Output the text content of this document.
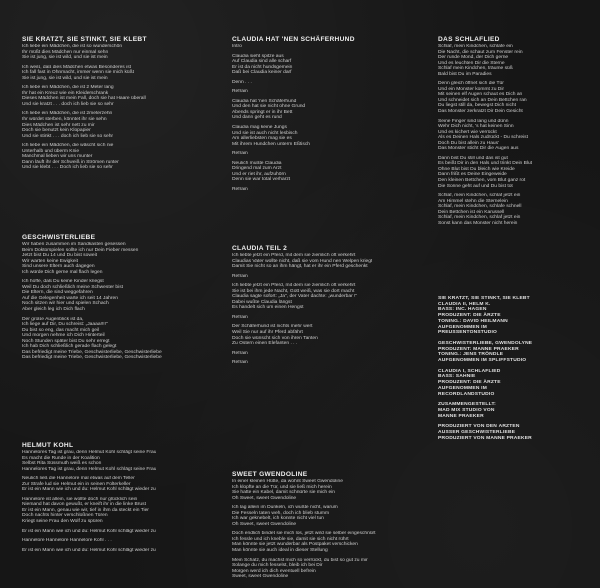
SIE KRATZT, SIE STINKT, SIE KLEBT

Ich liebe ein Mädchen, die ist so wunderschön
Ihr müßt dies Mädchen nur einmal sehn
Sie ist jung, sie ist wild, und sie ist mein

Ich weiß, daß dies Mädchen etwas Besonderes ist
Ich fall fast in Ohnmacht, immer wenn sie mich küßt
Sie ist jung, sie ist wild, und sie ist mein

Ich liebe ein Mädchen, die ist 2 Meter lang
Ihr hat ein Kreuz wie ein Kleiderschrank
Dieses Mädchen ist mein Fall, doch sie hat Haare überall
Und sie kratzt . . . doch ich lieb sie so sehr

Ich liebe ein Mädchen, die ist 2meterzehn
Ihr würdet sterben, könntet ihr sie sehn
Dies Mädchen ist sehr nett zu mir
Doch sie benutzt kein Klopapier
Und sie stinkt . . . doch ich lieb sie so sehr

Ich liebe ein Mädchen, die wäscht sich nie
Unterhalb und überm Knie
Manchmal lieben wir uns munter
Dann läuft ihr der Schweiß in Strömen runter
Und sie klebt . . . Doch ich lieb sie so sehr

GESCHWISTERLIEBE

Wir haben zusammen im Sandkasten gesessen
Beim Doktorspielen sollte ich nur Dein Fieber messen
Jetzt bist Du 14 und Du bist soweit
Wir warten keine Ewigkeit
Sind unsere Eltern auch dagegen
Ich würde Dich gerne mal flach legen

Ich hoffe, daß Du keine Kinder kriegst
Weil Du doch schließlich meine Schwester bist
Die Eltern, die sind weggefahren
Auf die Gelegenheit warte ich seit 14 Jahren
Noch sitzen wir hier und spielen Schach
Aber gleich leg ich Dich flach

Der große Augenblick ist da,
Ich liege auf Dir, Du schreist: „Jaaaa!!!!"
Du bist so eng, das macht mich geil
Und morgen nehme ich Dich Hinterteil
Noch Stunden später bist Du sehr erregt
Ich hab Dich schließlich gerade flach gelegt
Das befriedigt meine Triebe, Geschwisterliebe, Geschwisterliebe
Das befriedigt meine Triebe, Geschwisterliebe, Geschwisterliebe

HELMUT KOHL

Hannelores Tag ist grau, denn Helmut Kohl schlägt seine Frau
Es macht die Runde in der Koalition
Selbst Rita Süssmuth weiß es schon
Hannelores Tag ist grau, denn Helmut Kohl schlägt seine Frau

Neulich ließ die Hannelore mal etwas auf dem Teller
Zur Strafe lud sie Helmut ein in seinen Folterkeller
Er ist ein Mann wie ich und du: Helmut Kohl schlägt wieder zu

Hannelore ist allein, sie wollte doch nur glücklich sein
Niemand hat davon gewußt, er kneift ihr in die linke Brust
Er ist ein Mann, genau wie wir, tief in ihm da steckt ein Tier
Doch nachts hinter verschloßnen Türen
Kriegt seine Frau den Wolf zu spüren

Er ist ein Mann wie ich und du: Helmut Kohl schlägt wieder zu

Hannelore Hannelore Hannelore Kohl . . .

Er ist ein Mann wie ich und du: Helmut Kohl schlägt wieder zu

CLAUDIA HAT 'NEN SCHÄFERHUND

Intro

Claudia sieht spitze aus
Auf Claudia sind alle scharf
Er ist da nicht hundsgemein
Daß bei Claudia keiner darf

Denn . . .

Refrain

Claudia hat 'nen Schäferhund
Und den hat sie nicht ohne Grund
Abends springt er in ihr Bett
Und dann geht es rund

Claudia mag keine Jungs
Und sie ist auch nicht lesbisch
Am allerliebsten mag sie es
Mit ihrem Hundchen unterm Eßtisch

Refrain

Neulich mußte Claudia
Dringend mal zum Arzt
Und er riet ihr, aufzuhörn
Denn sie war total verharzt

Refrain

CLAUDIA TEIL 2

Ich liebte jetzt ein Pferd, mit dem sie ziemlich oft verkehrt
Claudias Vater wollte nicht, daß sie vom Hund nen Welpen kriegt
Damit Sie nicht so an ihm hängt, hat er ihr ein Pferd geschenkt

Refrain

Ich liebte jetzt ein Pferd, mit dem sie ziemlich oft verkehrt
Sie ist bei ihm jede Nacht, Gott weiß, was sie dort macht
Claudia sagte sofort: „Ja", der Vater dachte: „wunderbar !"
Dabei wußte Claudia längst
Es handelt sich um einen Hengst

Refrain

Der Schäferhund ist nichts mehr wert
Weil Sie nur auf ihr Pferd abfährt
Doch sie wünscht sich von ihren Tanten
Zu Ostern einen Elefanten . . .

Refrain

Refrain

SWEET GWENDOLINE

In einer kleinen Hütte, da wohnt Sweet Gwendoline
Ich klopfte an die Tür, und sie ließ mich herein
Sie hatte ein Kabel, damit schnürte sie mich ein
Oh Sweet, sweet Gwendoline

Ich lag allein im Dunkeln, ich wußte nicht, warum
Die Fesseln taten weh, doch ich blieb stumm
Ich war geknebelt, ich konnte nicht viel tun
Oh Sweet, sweet Gwendoline

Doch endlich bindet sie mich los, jetzt wird sie selber eingeschnürt
Ich fessle und ich kneble sie, damit sie sich nicht rührt
Man könnte sie jetzt wunderbar als Postpaket verschicken
Man könnte sie auch ideal in dieser Stellung

Mein Schatz, du machst mich so verrückt, du bist so gut zu mir
Solange du mich fesselst, bleib ich bei Dir
Morgen werd ich dich eventuell befrein
Sweet, sweet Gwendoline

DAS SCHLAFLIED

Schlaf, mein Kindchen, schlafe ein
Die Nacht, die schaut zum Fenster rein
Der runde Mond, der Dich gerne
Und es leuchten Dir die Sterne
Schlaf mein Kindchen, träume süß
Bald bist Du im Paradies

Denn gleich öffnet sich die Tür
Und ein Monster kommt zu Dir
Mit seinen elf Augen schaut es Dich an
Und schneidet sich an Dein Bettchen ran
Du liegst still da, bewegst Dich nicht
Das Monster zerkratzt Dir Dein Gesicht

Seine Finger sind lang und dünn
Wehr Dich nicht, 's hat keinen Sinn
Und es kichert wie verrückt
Als es Deinen Hals zudrückt - Du schreist
Doch Du bist allein zu Haus'
Das Monster sticht Dir die Augen aus

Dann bist Du still und das ist gut
Es beißt Dir in den Hals und trinkt Dein Blut
Ohne Blut bist Du bleich wie Kreide
Dann frißt es Deine Eingeweide
Den kleinen Bettchen, vom Blut ganz rot
Die Sonne geht auf und Du bist tot

Schlaf, mein Kindchen, schlaf jetzt ein
Am Himmel stehn die Sternelein
Schlaf, mein Kindchen, schlafe schnell
Dein Bettchen ist ein Karussell
Schlaf, mein Kindchen, schlaf jetzt ein
Sonst kann das Monster nicht herein

SIE KRATZT, SIE STINKT, SIE KLEBT
CLAUDIA II, HELM K.
BASS: INC. HAGEN
PRODUZENT: DIE ÄRZTE
TONING.: DAVID HEILMANN
AUFGENOMMEN IM
PREUSSENTONSTUDIO

GESCHWISTERLIEBE, GWENDOLYNE
PRODUZENT: MANNE PRAEKER
TONING.: JENS TRÖNDLE
AUFGENOMMEN IM SPLIFFSTUDIO

CLAUDIA I, SCHLAFLIED
BASS: SAHNIE
PRODUZENT: DIE ÄRZTE
AUFGENOMMEN IM
RECORDLANDSTUDIO

ZUSAMMENGESTELLT:
MAD MIX STUDIO VON
MANNE PRAEKER

PRODUZIERT VON DEN ÄRZTEN
AUSSER GESCHWISTERLIEBE
PRODUZIERT VON MANNE PRAEKER
